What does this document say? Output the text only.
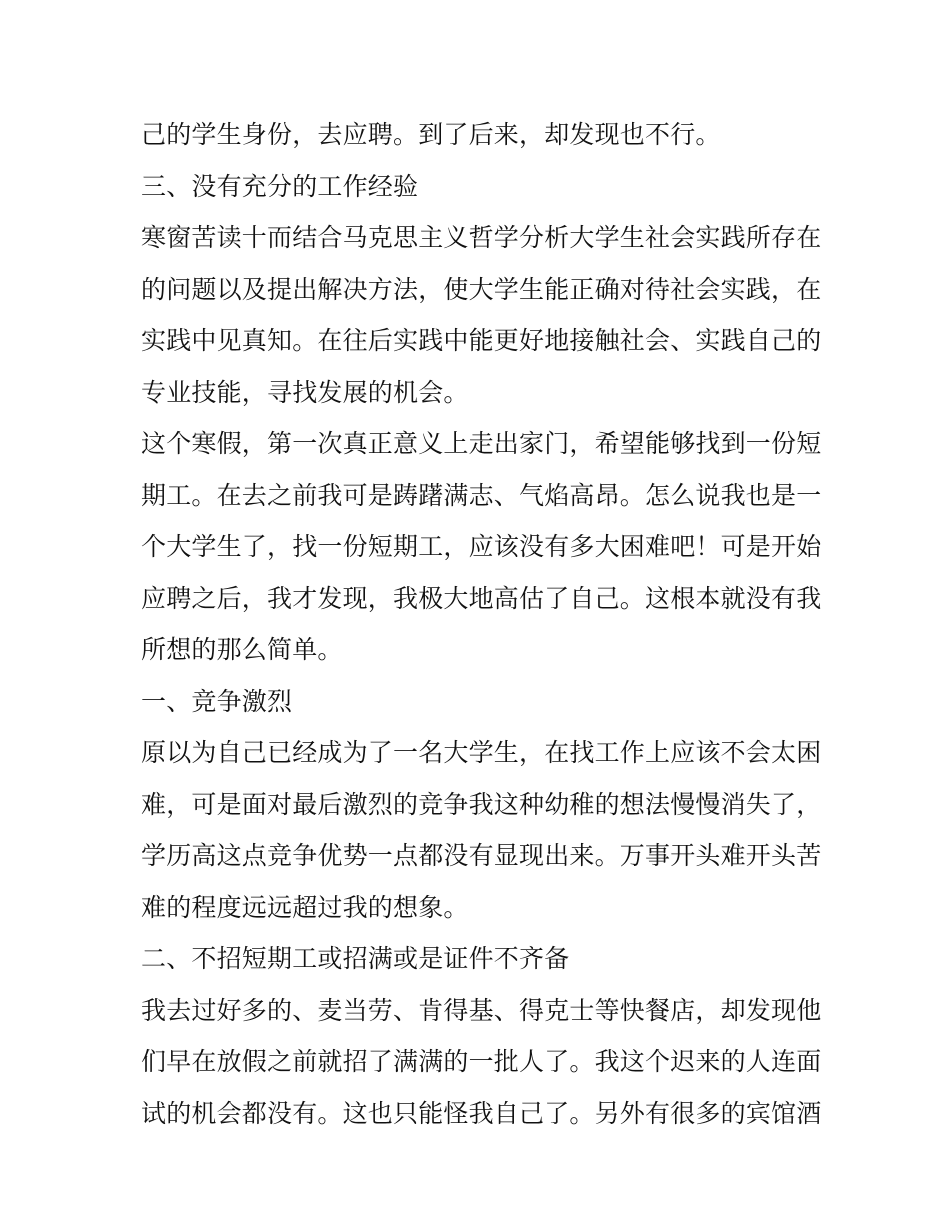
己的学生身份，去应聘。到了后来，却发现也不行。
三、没有充分的工作经验
寒窗苦读十而结合马克思主义哲学分析大学生社会实践所存在
的问题以及提出解决方法，使大学生能正确对待社会实践，在
实践中见真知。在往后实践中能更好地接触社会、实践自己的
专业技能，寻找发展的机会。
这个寒假，第一次真正意义上走出家门，希望能够找到一份短
期工。在去之前我可是踌躇满志、气焰高昂。怎么说我也是一
个大学生了，找一份短期工，应该没有多大困难吧！可是开始
应聘之后，我才发现，我极大地高估了自己。这根本就没有我
所想的那么简单。
一、竞争激烈
原以为自己已经成为了一名大学生，在找工作上应该不会太困
难，可是面对最后激烈的竞争我这种幼稚的想法慢慢消失了，
学历高这点竞争优势一点都没有显现出来。万事开头难开头苦
难的程度远远超过我的想象。
二、不招短期工或招满或是证件不齐备
我去过好多的、麦当劳、肯得基、得克士等快餐店，却发现他
们早在放假之前就招了满满的一批人了。我这个迟来的人连面
试的机会都没有。这也只能怪我自己了。另外有很多的宾馆酒
